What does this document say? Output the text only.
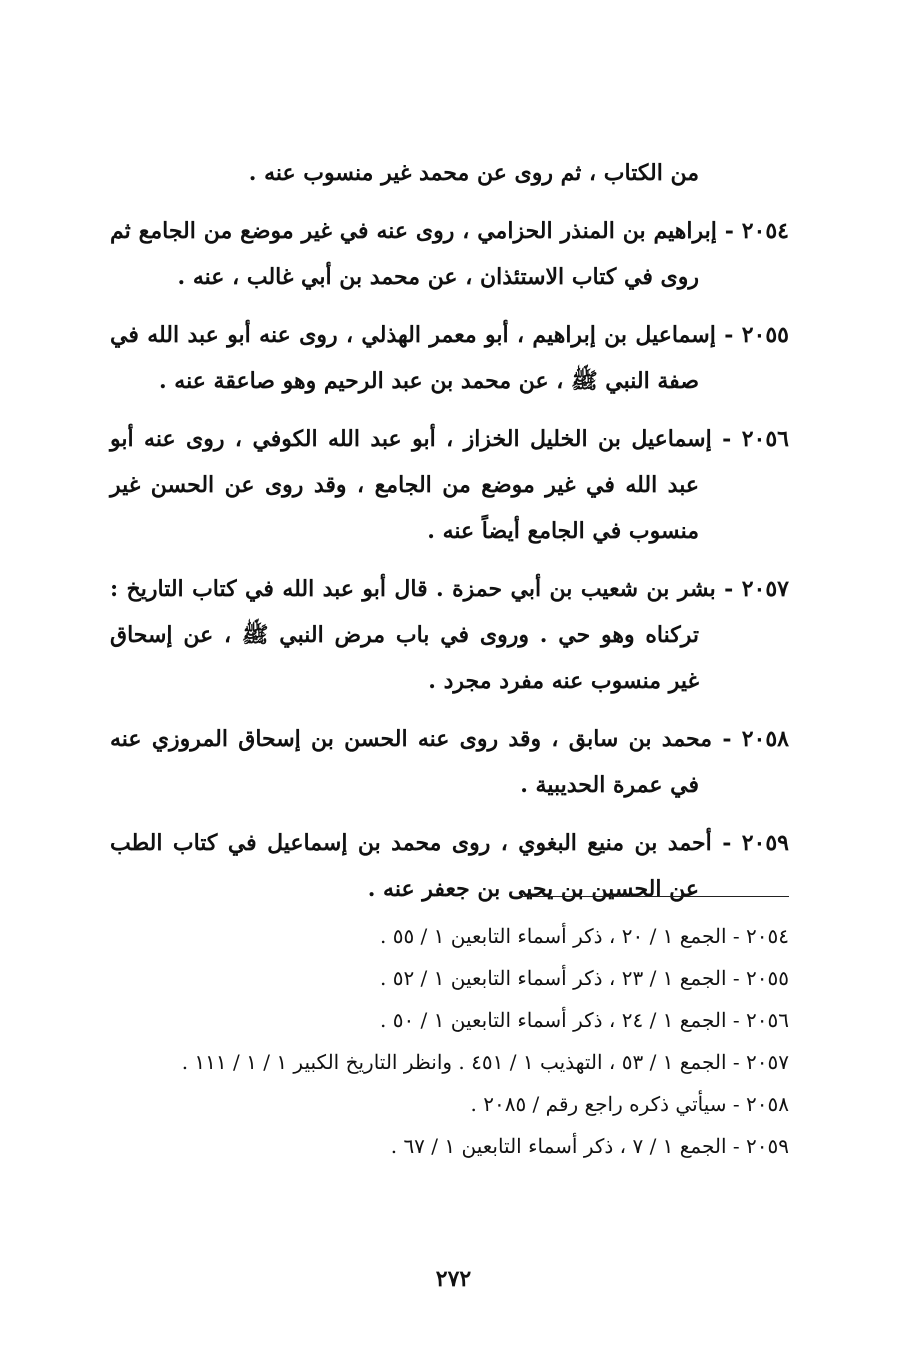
من الكتاب ، ثم روى عن محمد غير منسوب عنه .

٢٠٥٤ - إبراهيم بن المنذر الحزامي ، روى عنه في غير موضع من الجامع ثم روى في كتاب الاستئذان ، عن محمد بن أبي غالب ، عنه .

٢٠٥٥ - إسماعيل بن إبراهيم ، أبو معمر الهذلي ، روى عنه أبو عبد الله في صفة النبي ﷺ ، عن محمد بن عبد الرحيم وهو صاعقة عنه .

٢٠٥٦ - إسماعيل بن الخليل الخزاز ، أبو عبد الله الكوفي ، روى عنه أبو عبد الله في غير موضع من الجامع ، وقد روى عن الحسن غير منسوب في الجامع أيضاً عنه .

٢٠٥٧ - بشر بن شعيب بن أبي حمزة . قال أبو عبد الله في كتاب التاريخ : تركناه وهو حي . وروى في باب مرض النبي ﷺ ، عن إسحاق غير منسوب عنه مفرد مجرد .

٢٠٥٨ - محمد بن سابق ، وقد روى عنه الحسن بن إسحاق المروزي عنه في عمرة الحديبية .

٢٠٥٩ - أحمد بن منيع البغوي ، روى محمد بن إسماعيل في كتاب الطب عن الحسين بن يحيى بن جعفر عنه .

٢٠٥٤ - الجمع ١ / ٢٠ ، ذكر أسماء التابعين ١ / ٥٥ .
٢٠٥٥ - الجمع ١ / ٢٣ ، ذكر أسماء التابعين ١ / ٥٢ .
٢٠٥٦ - الجمع ١ / ٢٤ ، ذكر أسماء التابعين ١ / ٥٠ .
٢٠٥٧ - الجمع ١ / ٥٣ ، التهذيب ١ / ٤٥١ . وانظر التاريخ الكبير ١ / ١ / ١١١ .
٢٠٥٨ - سيأتي ذكره راجع رقم / ٢٠٨٥ .
٢٠٥٩ - الجمع ١ / ٧ ، ذكر أسماء التابعين ١ / ٦٧ .
٢٧٢
